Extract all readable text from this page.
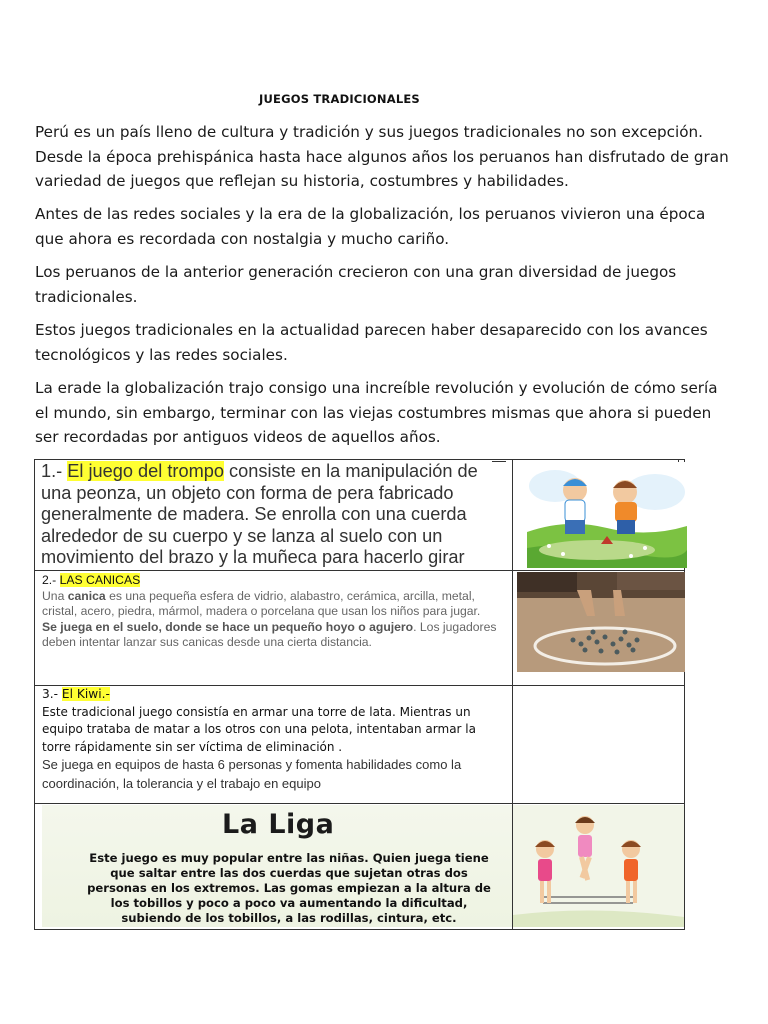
JUEGOS TRADICIONALES

Perú es un país lleno de cultura y tradición y sus juegos tradicionales no son excepción. Desde la época prehispánica hasta hace algunos años los peruanos han disfrutado de gran variedad de juegos que reflejan su historia, costumbres y habilidades.

Antes de las redes sociales y la era de la globalización, los peruanos vivieron una época que ahora es recordada con nostalgia y mucho cariño.

Los peruanos de la anterior generación crecieron con una gran diversidad de juegos tradicionales.

Estos juegos tradicionales en la actualidad parecen haber desaparecido con los avances tecnológicos y las redes sociales.

La erade la globalización trajo consigo una increíble revolución y evolución de cómo sería el mundo, sin embargo, terminar con las viejas costumbres mismas que ahora si pueden ser recordadas por antiguos videos de aquellos años.

1.- El juego del trompo consiste en la manipulación de una peonza, un objeto con forma de pera fabricado generalmente de madera. Se enrolla con una cuerda alrededor de su cuerpo y se lanza al suelo con un movimiento del brazo y la muñeca para hacerlo girar
2.- LAS CANICAS
Una canica es una pequeña esfera de vidrio, alabastro, cerámica, arcilla, metal, cristal, acero, piedra, mármol, madera o porcelana que usan los niños para jugar.
Se juega en el suelo, donde se hace un pequeño hoyo o agujero. Los jugadores deben intentar lanzar sus canicas desde una cierta distancia.
3.- El Kiwi.-
Este tradicional juego consistía en armar una torre de lata. Mientras un equipo trataba de matar a los otros con una pelota, intentaban armar la torre rápidamente sin ser víctima de eliminación .
Se juega en equipos de hasta 6 personas y fomenta habilidades como la coordinación, la tolerancia y el trabajo en equipo
La Liga
Este juego es muy popular entre las niñas. Quien juega tiene
que saltar entre las dos cuerdas que sujetan otras dos
personas en los extremos. Las gomas empiezan a la altura de
los tobillos y poco a poco va aumentando la dificultad,
subiendo de los tobillos, a las rodillas, cintura, etc.
